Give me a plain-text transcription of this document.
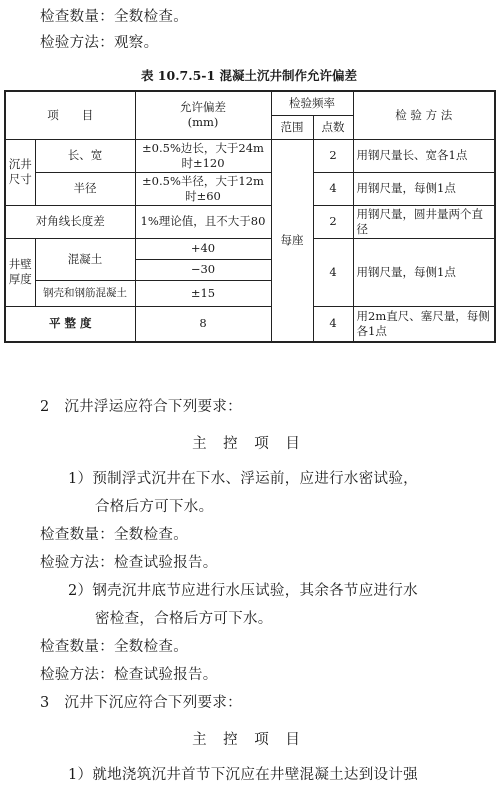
检查数量：全数检查。
检验方法：观察。
表 10.7.5-1 混凝土沉井制作允许偏差
项　　目		允许偏差
(mm)	检验频率		检 验 方 法
			范围	点数	
沉井尺寸	长、宽	±0.5%边长，大于24m时±120	每座	2	用钢尺量长、宽各1点
	半径	±0.5%半径，大于12m时±60		4	用钢尺量，每侧1点
对角线长度差		1%理论值，且不大于80		2	用钢尺量，圆井量两个直径
井壁厚度	混凝土	+40		4	用钢尺量，每侧1点
		−30			
	钢壳和钢筋混凝土	±15			
平 整 度		8		4	用2m直尺、塞尺量，每侧各1点
2　沉井浮运应符合下列要求：
主 控 项 目
1）预制浮式沉井在下水、浮运前，应进行水密试验，
合格后方可下水。
检查数量：全数检查。
检验方法：检查试验报告。
2）钢壳沉井底节应进行水压试验，其余各节应进行水
密检查，合格后方可下水。
检查数量：全数检查。
检验方法：检查试验报告。
3　沉井下沉应符合下列要求：
主 控 项 目
1）就地浇筑沉井首节下沉应在井壁混凝土达到设计强
